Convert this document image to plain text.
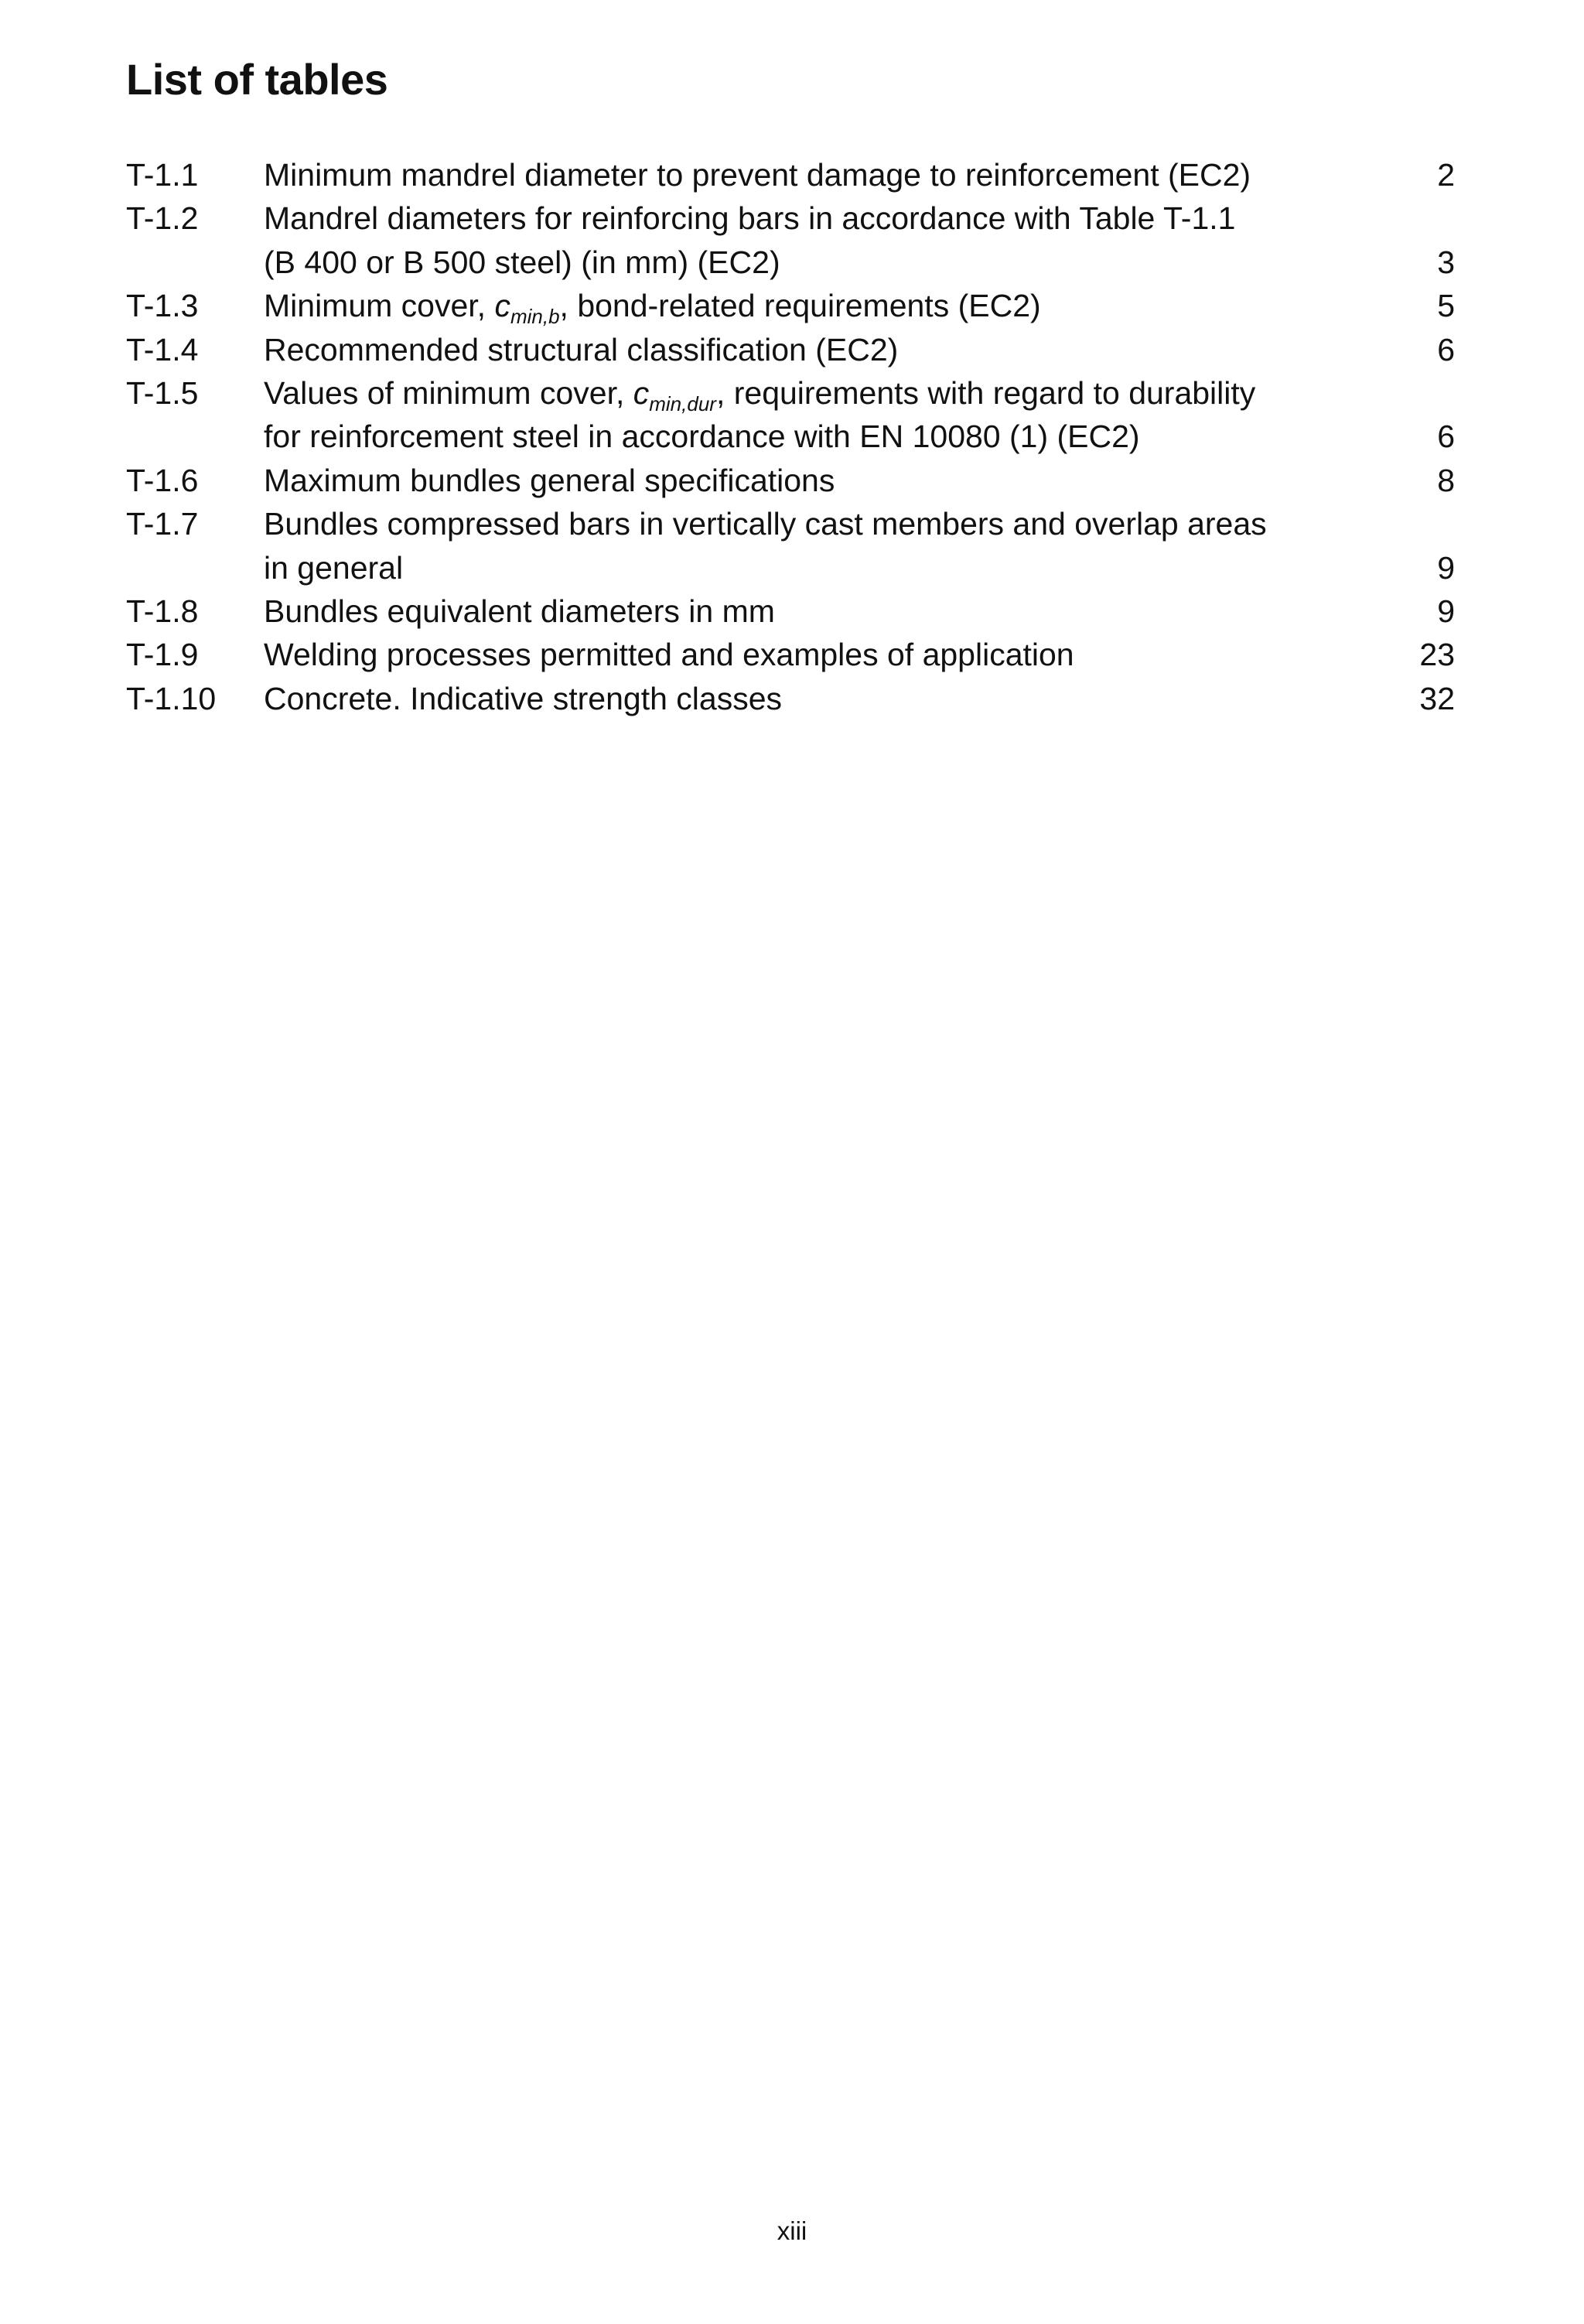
List of tables
T-1.1	Minimum mandrel diameter to prevent damage to reinforcement (EC2)	2
T-1.2	Mandrel diameters for reinforcing bars in accordance with Table T-1.1
(B 400 or B 500 steel) (in mm) (EC2)	3
T-1.3	Minimum cover, $c_{min,b}$, bond-related requirements (EC2)	5
T-1.4	Recommended structural classification (EC2)	6
T-1.5	Values of minimum cover, $c_{min,dur}$, requirements with regard to durability
for reinforcement steel in accordance with EN 10080 (1) (EC2)	6
T-1.6	Maximum bundles general specifications	8
T-1.7	Bundles compressed bars in vertically cast members and overlap areas
in general	9
T-1.8	Bundles equivalent diameters in mm	9
T-1.9	Welding processes permitted and examples of application	23
T-1.10	Concrete. Indicative strength classes	32
xiii
